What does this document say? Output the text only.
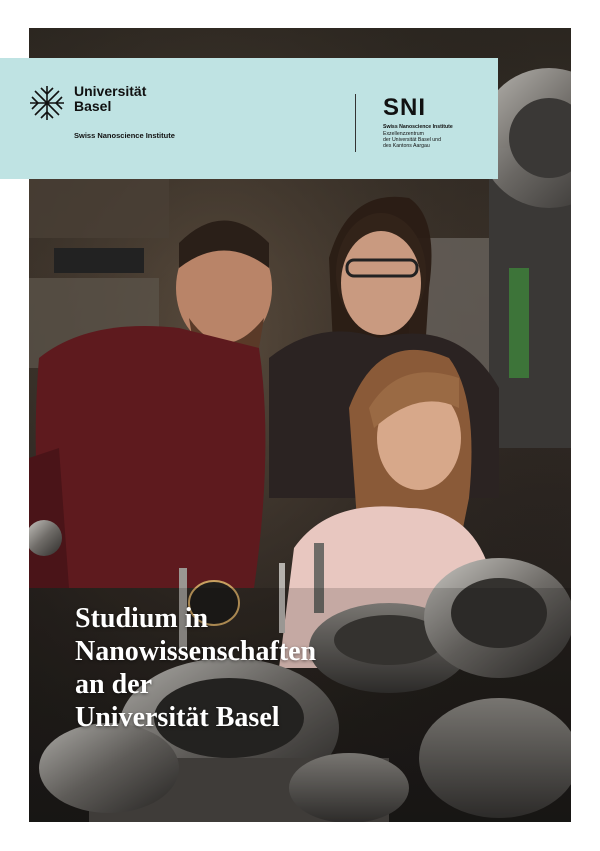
Universität
Basel
Swiss Nanoscience Institute
SNI
Swiss Nanoscience Institute
Exzellenzzentrum
der Universität Basel und
des Kantons Aargau
Studium in
Nanowissenschaften
an der
Universität Basel
